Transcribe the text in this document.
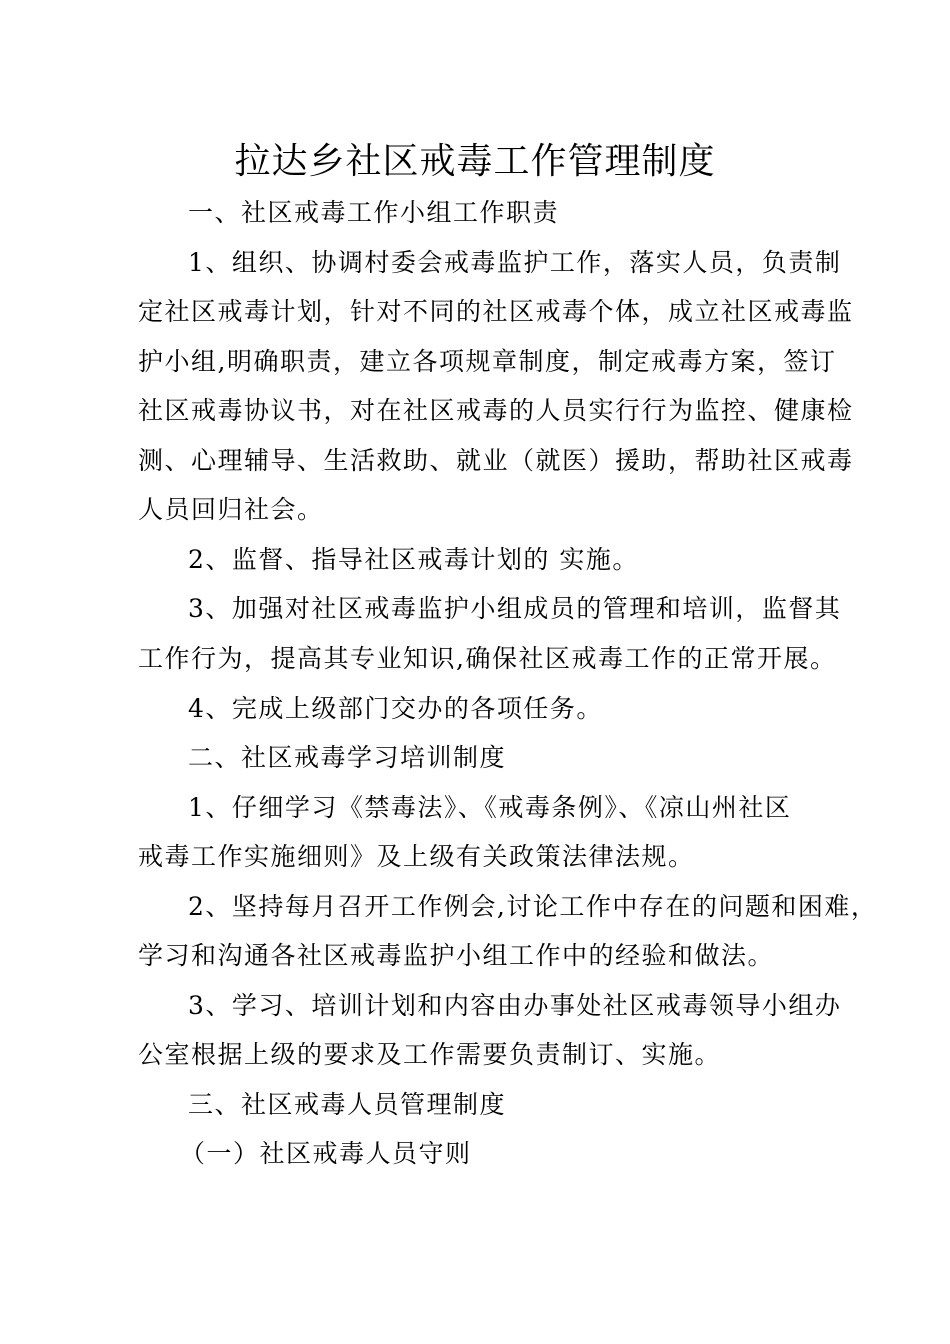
拉达乡社区戒毒工作管理制度
一、社区戒毒工作小组工作职责
1、组织、协调村委会戒毒监护工作，落实人员，负责制
定社区戒毒计划，针对不同的社区戒毒个体，成立社区戒毒监
护小组,明确职责，建立各项规章制度，制定戒毒方案，签订
社区戒毒协议书，对在社区戒毒的人员实行行为监控、健康检
测、心理辅导、生活救助、就业（就医）援助，帮助社区戒毒
人员回归社会。
2、监督、指导社区戒毒计划的 实施。
3、加强对社区戒毒监护小组成员的管理和培训，监督其
工作行为，提高其专业知识,确保社区戒毒工作的正常开展。
4、完成上级部门交办的各项任务。
二、社区戒毒学习培训制度
1、仔细学习《禁毒法》、《戒毒条例》、《凉山州社区
戒毒工作实施细则》及上级有关政策法律法规。
2、坚持每月召开工作例会,讨论工作中存在的问题和困难，
学习和沟通各社区戒毒监护小组工作中的经验和做法。
3、学习、培训计划和内容由办事处社区戒毒领导小组办
公室根据上级的要求及工作需要负责制订、实施。
三、社区戒毒人员管理制度
（一）社区戒毒人员守则
